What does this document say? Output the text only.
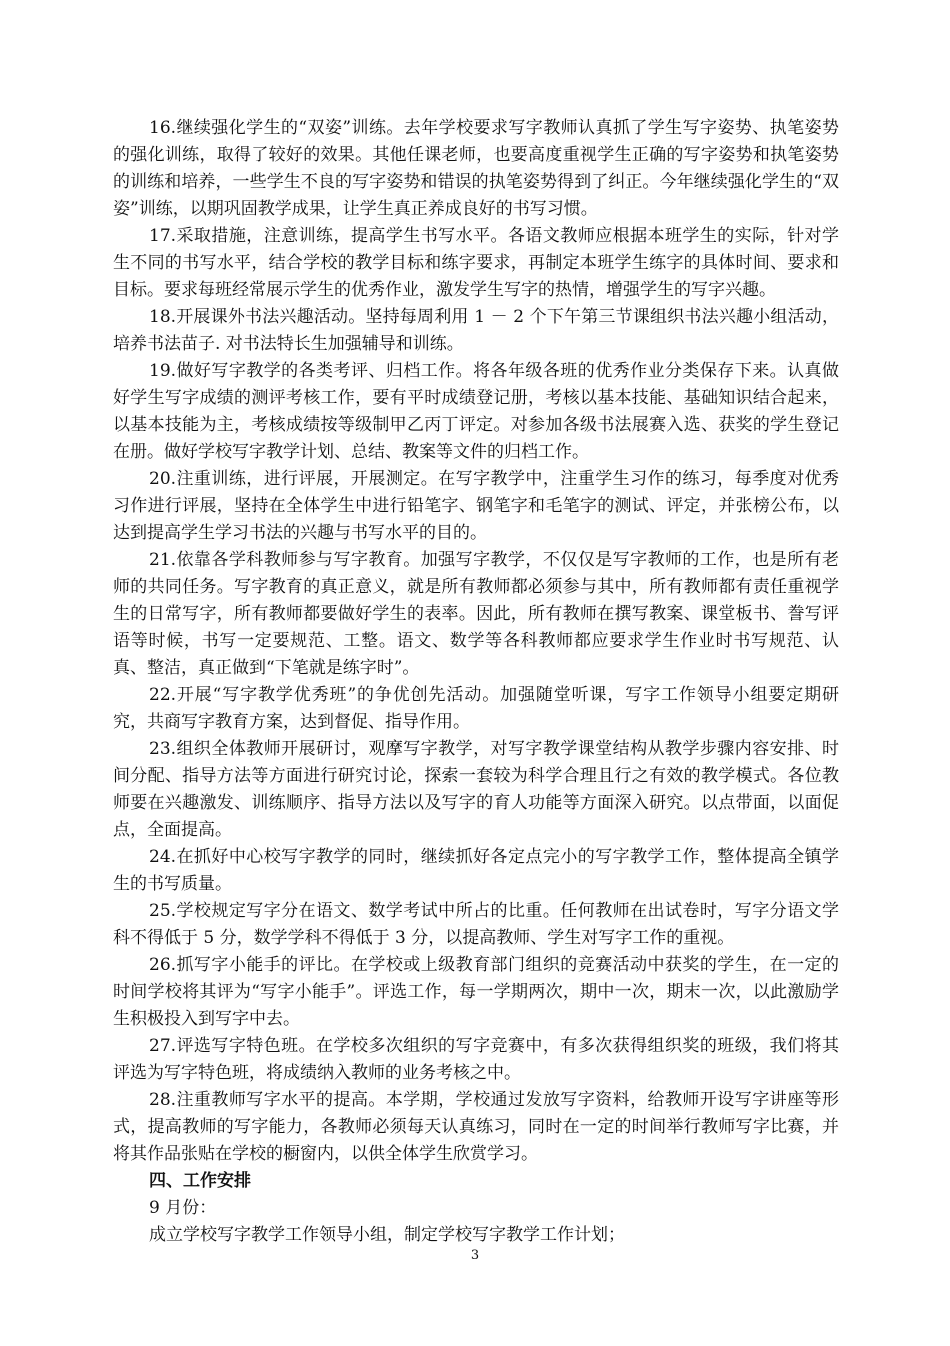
16.继续强化学生的“双姿”训练。去年学校要求写字教师认真抓了学生写字姿势、执笔姿势的强化训练，取得了较好的效果。其他任课老师，也要高度重视学生正确的写字姿势和执笔姿势的训练和培养，一些学生不良的写字姿势和错误的执笔姿势得到了纠正。今年继续强化学生的“双姿”训练，以期巩固教学成果，让学生真正养成良好的书写习惯。

17.采取措施，注意训练，提高学生书写水平。各语文教师应根据本班学生的实际，针对学生不同的书写水平，结合学校的教学目标和练字要求，再制定本班学生练字的具体时间、要求和目标。要求每班经常展示学生的优秀作业，激发学生写字的热情，增强学生的写字兴趣。

18.开展课外书法兴趣活动。坚持每周利用 1 － 2 个下午第三节课组织书法兴趣小组活动，培养书法苗子. 对书法特长生加强辅导和训练。

19.做好写字教学的各类考评、归档工作。将各年级各班的优秀作业分类保存下来。认真做好学生写字成绩的测评考核工作，要有平时成绩登记册，考核以基本技能、基础知识结合起来，以基本技能为主，考核成绩按等级制甲乙丙丁评定。对参加各级书法展赛入选、获奖的学生登记在册。做好学校写字教学计划、总结、教案等文件的归档工作。

20.注重训练，进行评展，开展测定。在写字教学中，注重学生习作的练习，每季度对优秀习作进行评展，坚持在全体学生中进行铅笔字、钢笔字和毛笔字的测试、评定，并张榜公布，以达到提高学生学习书法的兴趣与书写水平的目的。

21.依靠各学科教师参与写字教育。加强写字教学，不仅仅是写字教师的工作，也是所有老师的共同任务。写字教育的真正意义，就是所有教师都必须参与其中，所有教师都有责任重视学生的日常写字，所有教师都要做好学生的表率。因此，所有教师在撰写教案、课堂板书、誊写评语等时候，书写一定要规范、工整。语文、数学等各科教师都应要求学生作业时书写规范、认真、整洁，真正做到“下笔就是练字时”。

22.开展“写字教学优秀班”的争优创先活动。加强随堂听课，写字工作领导小组要定期研究，共商写字教育方案，达到督促、指导作用。

23.组织全体教师开展研讨，观摩写字教学，对写字教学课堂结构从教学步骤内容安排、时间分配、指导方法等方面进行研究讨论，探索一套较为科学合理且行之有效的教学模式。各位教师要在兴趣激发、训练顺序、指导方法以及写字的育人功能等方面深入研究。以点带面，以面促点，全面提高。

24.在抓好中心校写字教学的同时，继续抓好各定点完小的写字教学工作，整体提高全镇学生的书写质量。

25.学校规定写字分在语文、数学考试中所占的比重。任何教师在出试卷时，写字分语文学科不得低于 5 分，数学学科不得低于 3 分，以提高教师、学生对写字工作的重视。

26.抓写字小能手的评比。在学校或上级教育部门组织的竞赛活动中获奖的学生，在一定的时间学校将其评为“写字小能手”。评选工作，每一学期两次，期中一次，期末一次，以此激励学生积极投入到写字中去。

27.评选写字特色班。在学校多次组织的写字竞赛中，有多次获得组织奖的班级，我们将其评选为写字特色班，将成绩纳入教师的业务考核之中。

28.注重教师写字水平的提高。本学期，学校通过发放写字资料，给教师开设写字讲座等形式，提高教师的写字能力，各教师必须每天认真练习，同时在一定的时间举行教师写字比赛，并将其作品张贴在学校的橱窗内，以供全体学生欣赏学习。

四、工作安排

9 月份：

成立学校写字教学工作领导小组，制定学校写字教学工作计划；

3
